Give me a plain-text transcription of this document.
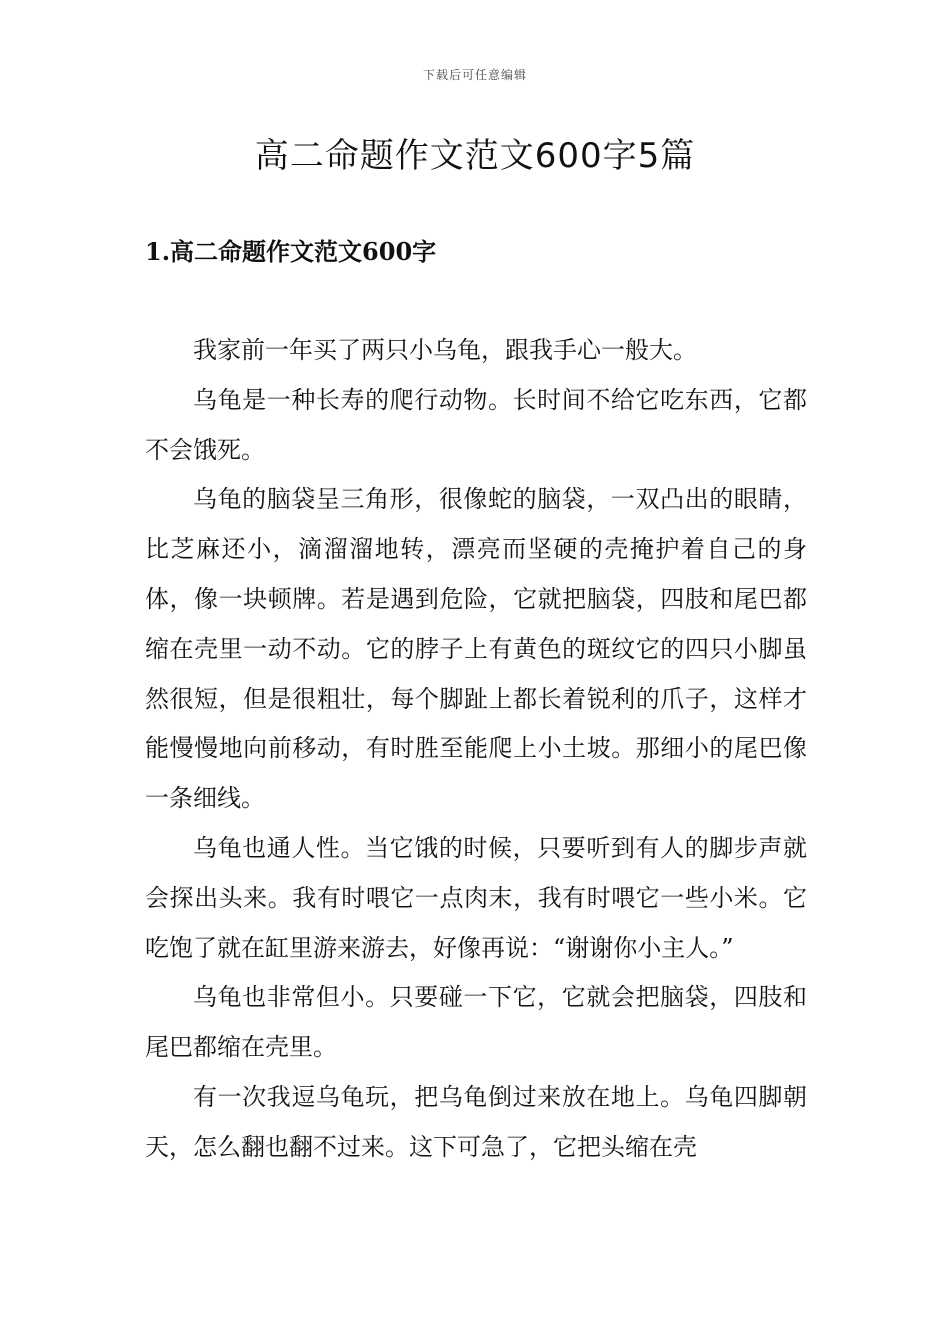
下载后可任意编辑
高二命题作文范文600字5篇
1.高二命题作文范文600字

我家前一年买了两只小乌龟，跟我手心一般大。

乌龟是一种长寿的爬行动物。长时间不给它吃东西，它都不会饿死。

乌龟的脑袋呈三角形，很像蛇的脑袋，一双凸出的眼睛，比芝麻还小，滴溜溜地转，漂亮而坚硬的壳掩护着自己的身体，像一块顿牌。若是遇到危险，它就把脑袋，四肢和尾巴都缩在壳里一动不动。它的脖子上有黄色的斑纹它的四只小脚虽然很短，但是很粗壮，每个脚趾上都长着锐利的爪子，这样才能慢慢地向前移动，有时胜至能爬上小土坡。那细小的尾巴像一条细线。

乌龟也通人性。当它饿的时候，只要听到有人的脚步声就会探出头来。我有时喂它一点肉末，我有时喂它一些小米。它吃饱了就在缸里游来游去，好像再说：“谢谢你小主人。”

乌龟也非常但小。只要碰一下它，它就会把脑袋，四肢和尾巴都缩在壳里。

有一次我逗乌龟玩，把乌龟倒过来放在地上。乌龟四脚朝天，怎么翻也翻不过来。这下可急了，它把头缩在壳
